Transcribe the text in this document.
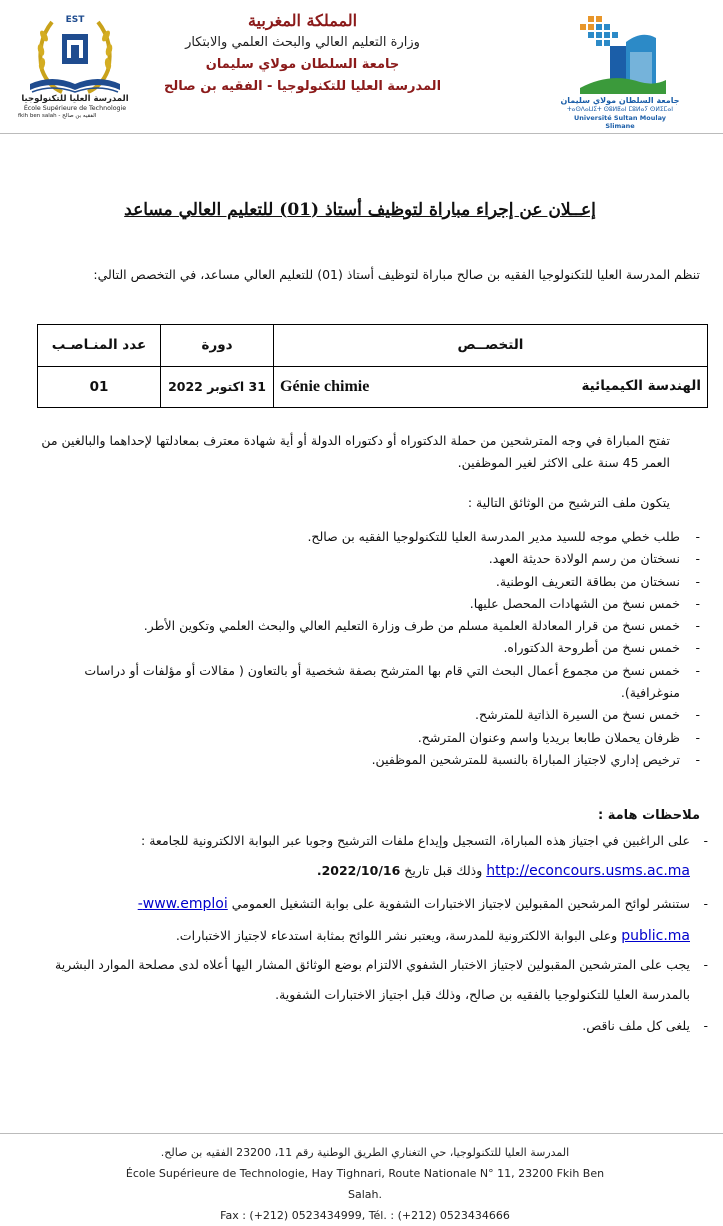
EST
المدرسة العليا للتكنولوجيا
École Supérieure de Technologie
fkih ben salah - الفقيه بن صالح
المملكة المغربية
وزارة التعليم العالي والبحث العلمي والابتكار
جامعة السلطان مولاي سليمان
المدرسة العليا للتكنولوجيا - الفقيه بن صالح
جامعة السلطان مولاي سليمان
ⵜⴰⵙⴷⴰⵡⵉⵜ ⵙⵓⵍⵟⴰⵏ ⵎⵓⵍⴰⵢ ⵙⵍⵉⵎⴰⵏ
Université Sultan Moulay Slimane
إعــلان عن إجراء مباراة لتوظيف أستاذ (01) للتعليم العالي مساعد
تنظم المدرسة العليا للتكنولوجيا الفقيه بن صالح مباراة لتوظيف أستاذ (01) للتعليم العالي مساعد، في التخصص التالي:
عدد المنـاصـب	دورة	التخصــص
01	31 اكتوبر 2022	Génie chimie الهندسة الكيميائية
تفتح المباراة في وجه المترشحين من حملة الدكتوراه أو دكتوراه الدولة أو أية شهادة معترف بمعادلتها لإحداهما والبالغين من العمر 45 سنة على الاكثر لغير الموظفين.
يتكون ملف الترشيح من الوثائق التالية :
-
طلب خطي موجه للسيد مدير المدرسة العليا للتكنولوجيا الفقيه بن صالح.
-
نسختان من رسم الولادة حديثة العهد.
-
نسختان من بطاقة التعريف الوطنية.
-
خمس نسخ من الشهادات المحصل عليها.
-
خمس نسخ من قرار المعادلة العلمية مسلم من طرف وزارة التعليم العالي والبحث العلمي وتكوين الأطر.
-
خمس نسخ من أطروحة الدكتوراه.
-
خمس نسخ من مجموع أعمال البحث التي قام بها المترشح بصفة شخصية أو بالتعاون ( مقالات أو مؤلفات أو دراسات منوغرافية).
-
خمس نسخ من السيرة الذاتية للمترشح.
-
ظرفان يحملان طابعا بريديا واسم وعنوان المترشح.
-
ترخيص إداري لاجتياز المباراة بالنسبة للمترشحين الموظفين.
ملاحظات هامة :
-
على الراغبين في اجتياز هذه المباراة، التسجيل وإيداع ملفات الترشيح وجوبا عبر البوابة الالكترونية للجامعة :
http://econcours.usms.ac.ma وذلك قبل تاريخ 2022/10/16.
-
ستنشر لوائح المرشحين المقبولين لاجتياز الاختبارات الشفوية على بوابة التشغيل العمومي www.emploi-
public.ma وعلى البوابة الالكترونية للمدرسة، ويعتبر نشر اللوائح بمثابة استدعاء لاجتياز الاختبارات.
-
يجب على المترشحين المقبولين لاجتياز الاختبار الشفوي الالتزام بوضع الوثائق المشار اليها أعلاه لدى مصلحة الموارد البشرية بالمدرسة العليا للتكنولوجيا بالفقيه بن صالح، وذلك قبل اجتياز الاختبارات الشفوية.
-
يلغى كل ملف ناقص.
المدرسة العليا للتكنولوجيا، حي التغناري الطريق الوطنية رقم 11، 23200 الفقيه بن صالح.
École Supérieure de Technologie, Hay Tighnari, Route Nationale N° 11, 23200 Fkih Ben Salah.
Fax : (+212) 0523434999, Tél. : (+212) 0523434666
